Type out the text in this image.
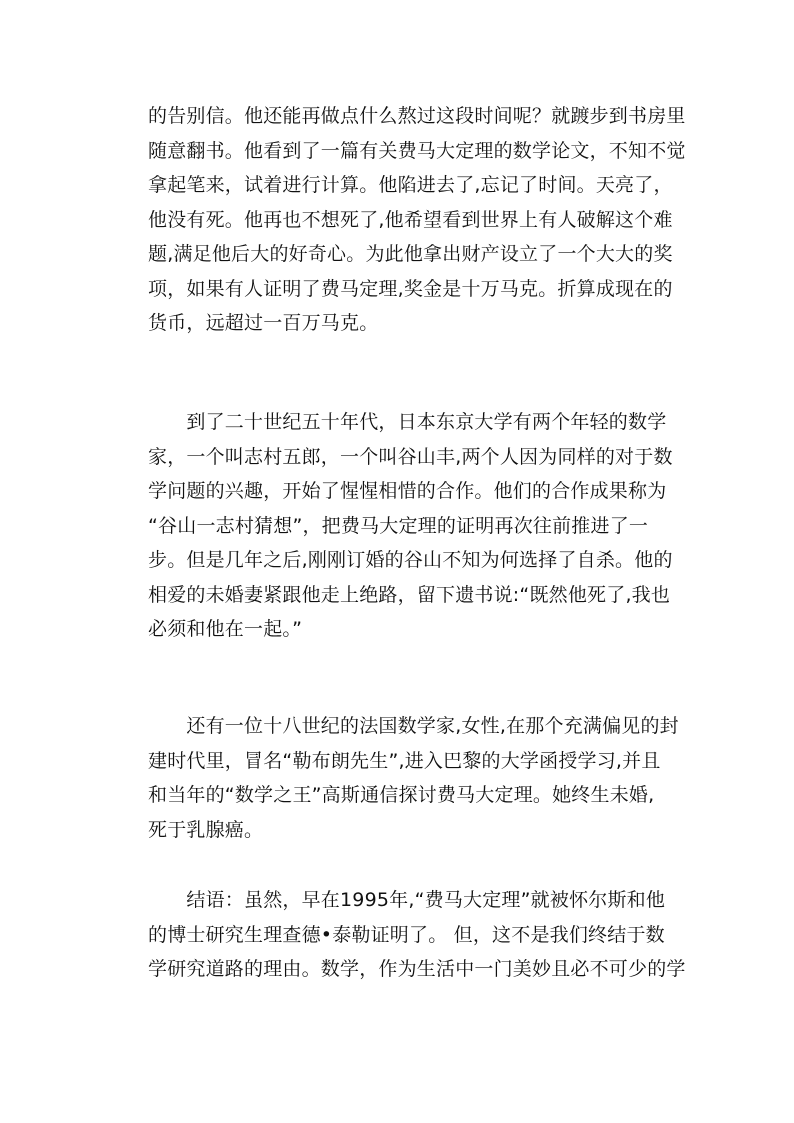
的告别信。他还能再做点什么熬过这段时间呢？就踱步到书房里
随意翻书。他看到了一篇有关费马大定理的数学论文，不知不觉
拿起笔来，试着进行计算。他陷进去了,忘记了时间。天亮了，
他没有死。他再也不想死了,他希望看到世界上有人破解这个难
题,满足他后大的好奇心。为此他拿出财产设立了一个大大的奖
项，如果有人证明了费马定理,奖金是十万马克。折算成现在的
货币，远超过一百万马克。
　　到了二十世纪五十年代，日本东京大学有两个年轻的数学
家，一个叫志村五郎，一个叫谷山丰,两个人因为同样的对于数
学问题的兴趣，开始了惺惺相惜的合作。他们的合作成果称为
“谷山一志村猜想”，把费马大定理的证明再次往前推进了一
步。但是几年之后,刚刚订婚的谷山不知为何选择了自杀。他的
相爱的未婚妻紧跟他走上绝路，留下遗书说:“既然他死了,我也
必须和他在一起。”
　　还有一位十八世纪的法国数学家,女性,在那个充满偏见的封
建时代里，冒名“勒布朗先生”,进入巴黎的大学函授学习,并且
和当年的“数学之王”高斯通信探讨费马大定理。她终生未婚,
死于乳腺癌。
　　结语：虽然，早在1995年,“费马大定理”就被怀尔斯和他
的博士研究生理查德•泰勒证明了。 但，这不是我们终结于数
学研究道路的理由。数学，作为生活中一门美妙且必不可少的学
